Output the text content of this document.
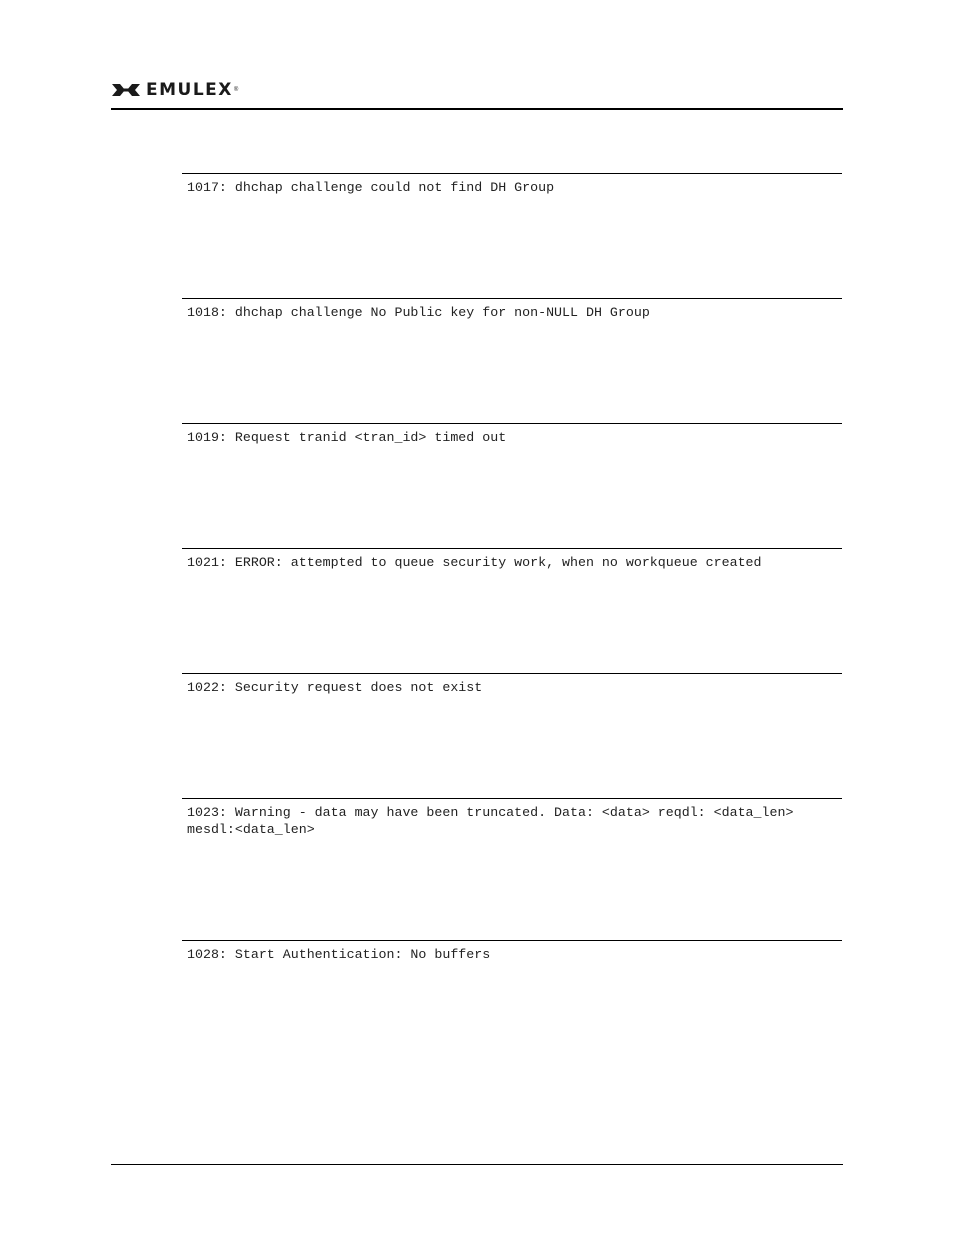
EMULEX ®

1017: dhchap challenge could not find DH Group

1018: dhchap challenge No Public key for non-NULL DH Group

1019: Request tranid <tran_id> timed out

1021: ERROR: attempted to queue security work, when no workqueue created

1022: Security request does not exist

1023: Warning - data may have been truncated. Data: <data> reqdl: <data_len>
mesdl:<data_len>

1028: Start Authentication: No buffers
